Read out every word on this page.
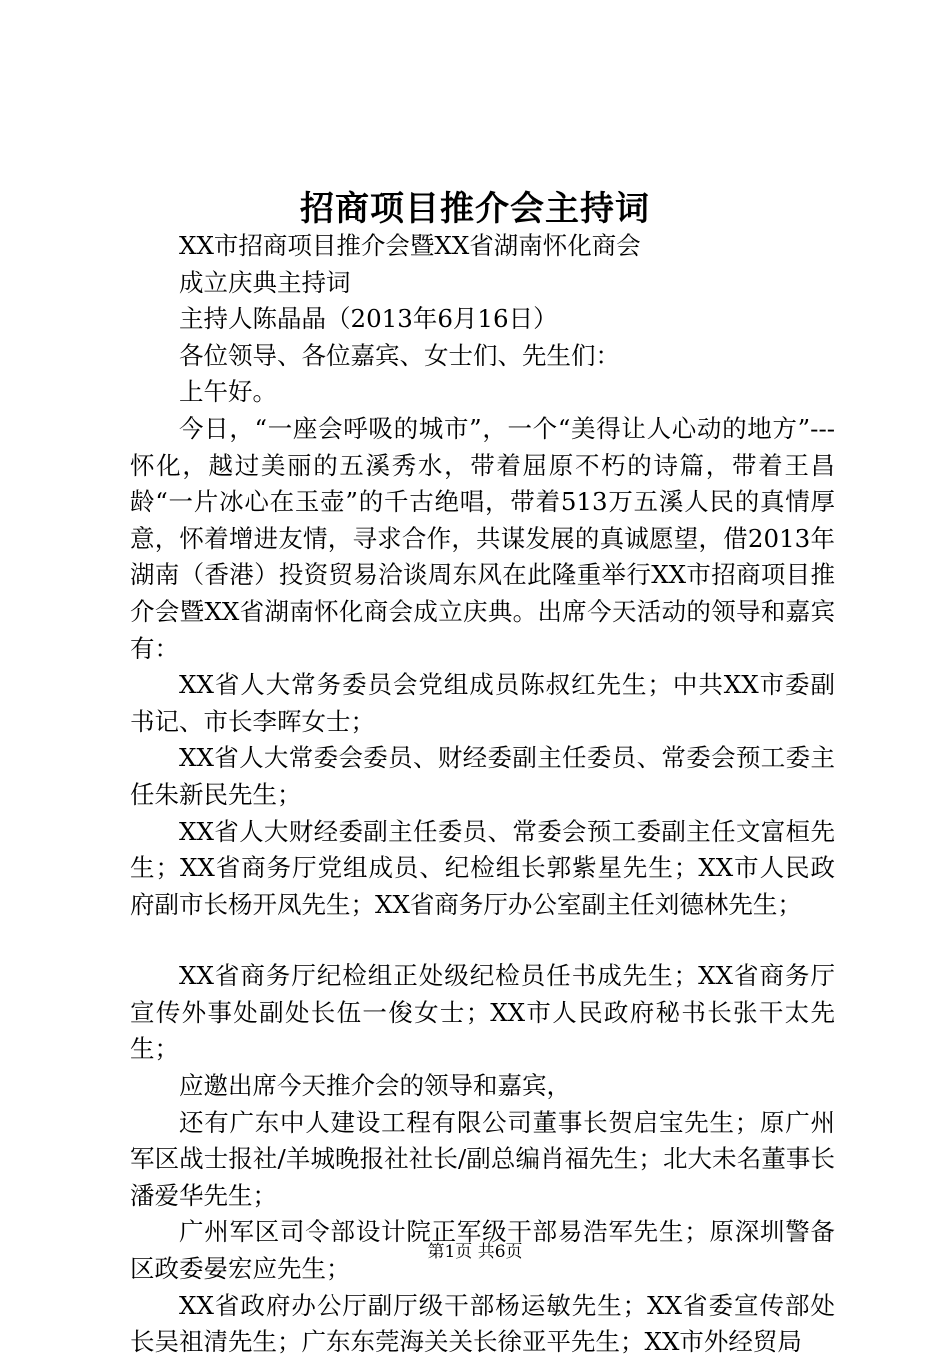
招商项目推介会主持词

XX市招商项目推介会暨XX省湖南怀化商会

成立庆典主持词

主持人陈晶晶（2013年6月16日）

各位领导、各位嘉宾、女士们、先生们：

上午好。

今日，“一座会呼吸的城市”，一个“美得让人心动的地方”---怀化，越过美丽的五溪秀水，带着屈原不朽的诗篇，带着王昌龄“一片冰心在玉壶”的千古绝唱，带着513万五溪人民的真情厚意，怀着增进友情，寻求合作，共谋发展的真诚愿望，借2013年湖南（香港）投资贸易洽谈周东风在此隆重举行XX市招商项目推介会暨XX省湖南怀化商会成立庆典。出席今天活动的领导和嘉宾有：

XX省人大常务委员会党组成员陈叔红先生；中共XX市委副书记、市长李晖女士；

XX省人大常委会委员、财经委副主任委员、常委会预工委主任朱新民先生；

XX省人大财经委副主任委员、常委会预工委副主任文富桓先生；XX省商务厅党组成员、纪检组长郭紫星先生；XX市人民政府副市长杨开凤先生；XX省商务厅办公室副主任刘德林先生；

XX省商务厅纪检组正处级纪检员任书成先生；XX省商务厅宣传外事处副处长伍一俊女士；XX市人民政府秘书长张干太先生；

应邀出席今天推介会的领导和嘉宾，

还有广东中人建设工程有限公司董事长贺启宝先生；原广州军区战士报社/羊城晚报社社长/副总编肖福先生；北大未名董事长潘爱华先生；

广州军区司令部设计院正军级干部易浩军先生；原深圳警备区政委晏宏应先生；

XX省政府办公厅副厅级干部杨运敏先生；XX省委宣传部处长吴祖清先生；广东东莞海关关长徐亚平先生；XX市外经贸局

第1页 共6页
